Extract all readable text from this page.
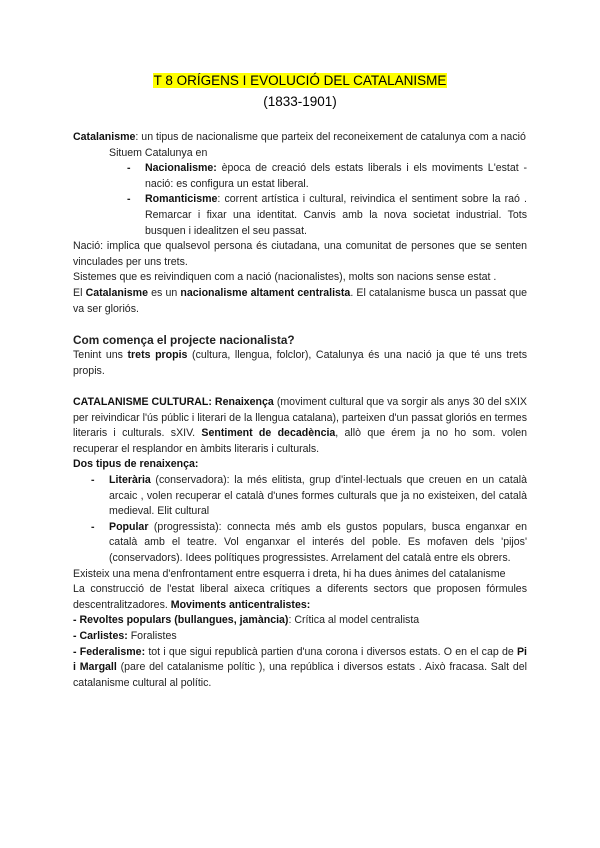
T 8 ORÍGENS I EVOLUCIÓ DEL CATALANISME
(1833-1901)

Catalanisme: un tipus de nacionalisme que parteix del reconeixement de catalunya com a nació

Situem Catalunya en

- Nacionalisme: època de creació dels estats liberals i els moviments L'estat - nació: es configura un estat liberal.

- Romanticisme: corrent artística i cultural, reivindica el sentiment sobre la raó . Remarcar i fixar una identitat. Canvis amb la nova societat industrial. Tots busquen i idealitzen el seu passat.

Nació: implica que qualsevol persona és ciutadana, una comunitat de persones que se senten vinculades per uns trets.

Sistemes que es reivindiquen com a nació (nacionalistes), molts son nacions sense estat .

El Catalanisme es un nacionalisme altament centralista. El catalanisme busca un passat que va ser gloriós.

Com comença el projecte nacionalista?

Tenint uns trets propis (cultura, llengua, folclor), Catalunya és una nació ja que té uns trets propis.

CATALANISME CULTURAL: Renaixença (moviment cultural que va sorgir als anys 30 del sXIX per reivindicar l'ús públic i literari de la llengua catalana), parteixen d'un passat gloriós en termes literaris i culturals. sXIV. Sentiment de decadència, allò que érem ja no ho som. volen recuperar el resplandor en àmbits literaris i culturals.

Dos tipus de renaixença:

- Literària (conservadora): la més elitista, grup d'intel·lectuals que creuen en un català arcaic , volen recuperar el català d'unes formes culturals que ja no existeixen, del català medieval. Elit cultural

- Popular (progressista): connecta més amb els gustos populars, busca enganxar en català amb el teatre. Vol enganxar el interés del poble. Es mofaven dels 'pijos' (conservadors). Idees polítiques progressistes. Arrelament del català entre els obrers.

Existeix una mena d'enfrontament entre esquerra i dreta, hi ha dues ànimes del catalanisme

La construcció de l'estat liberal aixeca crítiques a diferents sectors que proposen fórmules descentralitzadores. Moviments anticentralistes:

- Revoltes populars (bullangues, jamància): Crítica al model centralista

- Carlistes: Foralistes

- Federalisme: tot i que sigui republicà partien d'una corona i diversos estats. O en el cap de Pi i Margall (pare del catalanisme polític ), una república i diversos estats . Això fracasa. Salt del catalanisme cultural al polític.
